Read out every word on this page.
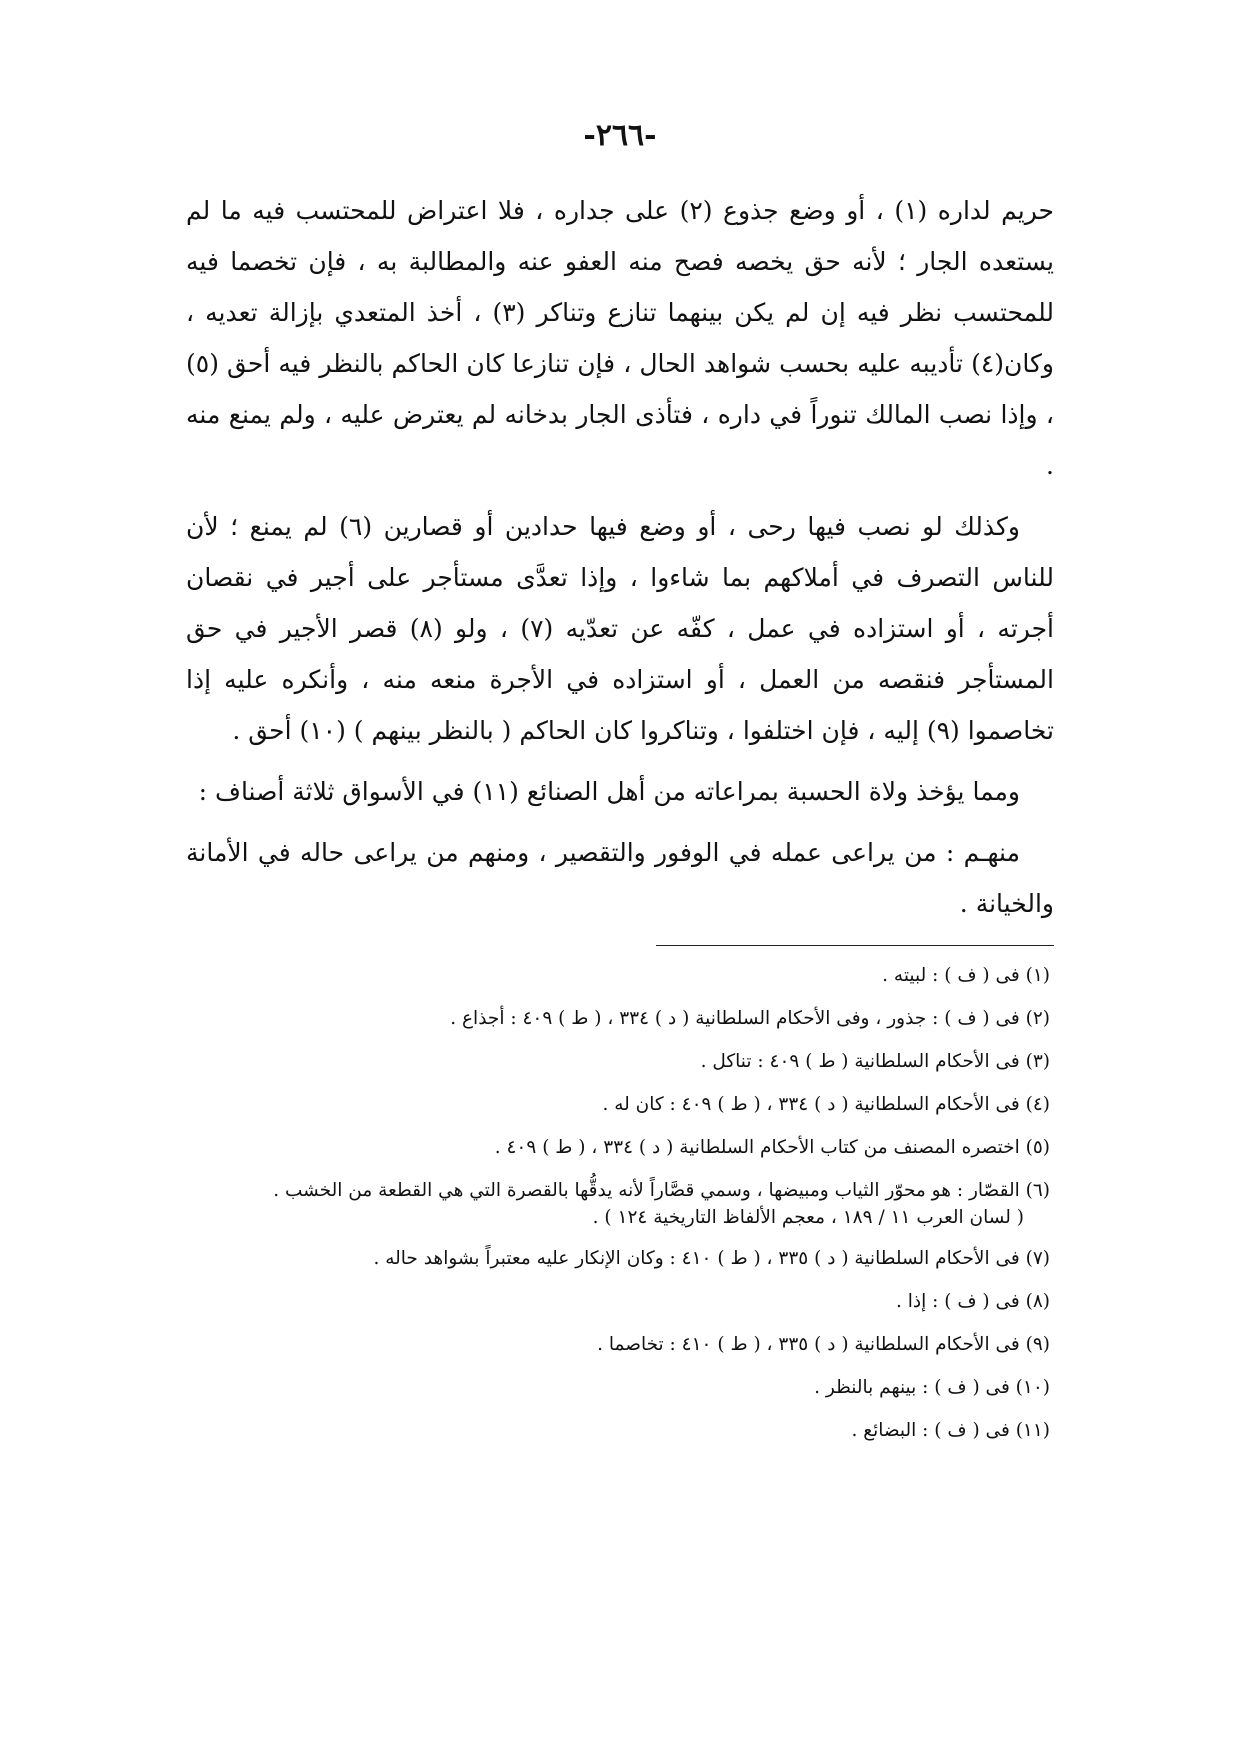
-٢٦٦-

حريم لداره (١) ، أو وضع جذوع (٢) على جداره ، فلا اعتراض للمحتسب فيه ما لم يستعده الجار ؛ لأنه حق يخصه فصح منه العفو عنه والمطالبة به ، فإن تخصما فيه للمحتسب نظر فيه إن لم يكن بينهما تنازع وتناكر (٣) ، أخذ المتعدي بإزالة تعديه ، وكان(٤) تأديبه عليه بحسب شواهد الحال ، فإن تنازعا كان الحاكم بالنظر فيه أحق (٥) ، وإذا نصب المالك تنوراً في داره ، فتأذى الجار بدخانه لم يعترض عليه ، ولم يمنع منه .

وكذلك لو نصب فيها رحى ، أو وضع فيها حدادين أو قصارين (٦) لم يمنع ؛ لأن للناس التصرف في أملاكهم بما شاءوا ، وإذا تعدَّى مستأجر على أجير في نقصان أجرته ، أو استزاده في عمل ، كفّه عن تعدّيه (٧) ، ولو (٨) قصر الأجير في حق المستأجر فنقصه من العمل ، أو استزاده في الأجرة منعه منه ، وأنكره عليه إذا تخاصموا (٩) إليه ، فإن اختلفوا ، وتناكروا كان الحاكم ( بالنظر بينهم ) (١٠) أحق .

ومما يؤخذ ولاة الحسبة بمراعاته من أهل الصنائع (١١) في الأسواق ثلاثة أصناف :

منهـم : من يراعى عمله في الوفور والتقصير ، ومنهم من يراعى حاله في الأمانة والخيانة .

(١) فى ( ف ) : لبيته .

(٢) فى ( ف ) : جذور ، وفى الأحكام السلطانية ( د ) ٣٣٤ ، ( ط ) ٤٠٩ : أجذاع .

(٣) فى الأحكام السلطانية ( ط ) ٤٠٩ : تناكل .

(٤) فى الأحكام السلطانية ( د ) ٣٣٤ ، ( ط ) ٤٠٩ : كان له .

(٥) اختصره المصنف من كتاب الأحكام السلطانية ( د ) ٣٣٤ ، ( ط ) ٤٠٩ .

(٦) القصّار : هو محوّر الثياب ومبيضها ، وسمي قصَّاراً لأنه يدقُّها بالقصرة التي هي القطعة من الخشب .
( لسان العرب ١١ / ١٨٩ ، معجم الألفاظ التاريخية ١٢٤ ) .

(٧) فى الأحكام السلطانية ( د ) ٣٣٥ ، ( ط ) ٤١٠ : وكان الإنكار عليه معتبراً بشواهد حاله .

(٨) فى ( ف ) : إذا .

(٩) فى الأحكام السلطانية ( د ) ٣٣٥ ، ( ط ) ٤١٠ : تخاصما .

(١٠) فى ( ف ) : بينهم بالنظر .

(١١) فى ( ف ) : البضائع .
